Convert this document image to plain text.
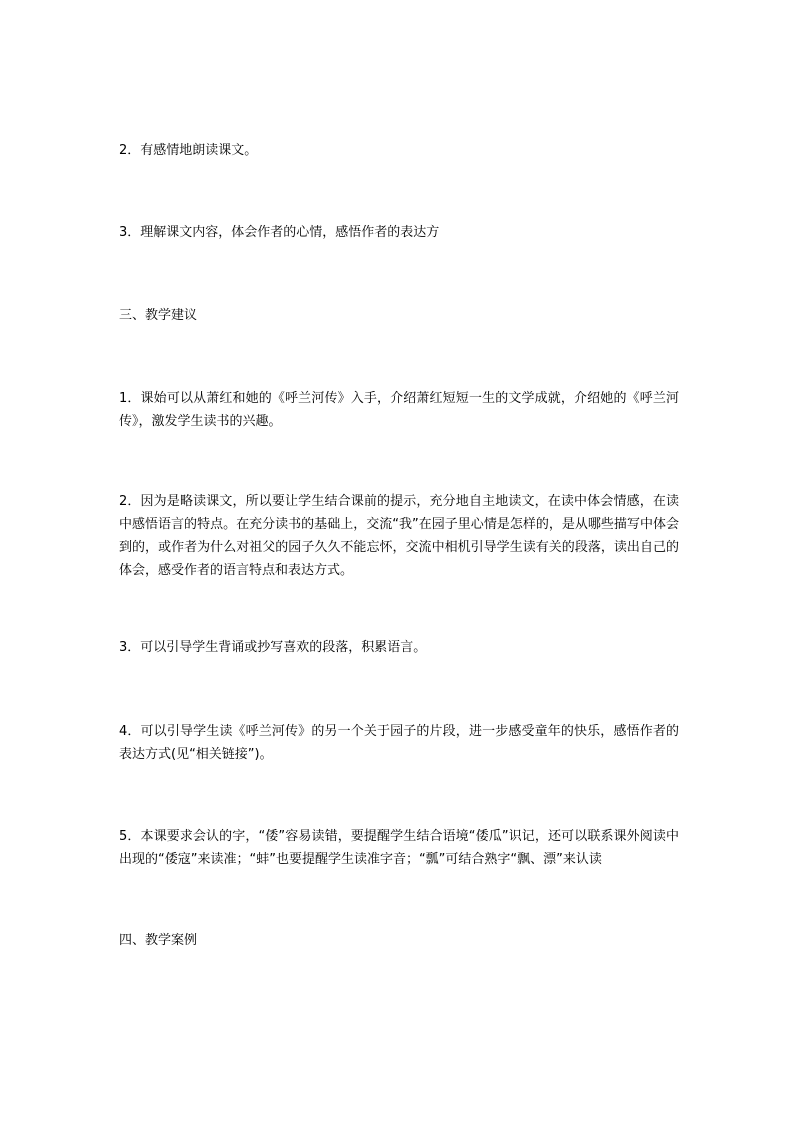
2．有感情地朗读课文。

3．理解课文内容，体会作者的心情，感悟作者的表达方

三、教学建议

1．课始可以从萧红和她的《呼兰河传》入手，介绍萧红短短一生的文学成就，介绍她的《呼兰河传》，激发学生读书的兴趣。

2．因为是略读课文，所以要让学生结合课前的提示，充分地自主地读文，在读中体会情感，在读中感悟语言的特点。在充分读书的基础上，交流“我”在园子里心情是怎样的，是从哪些描写中体会到的，或作者为什么对祖父的园子久久不能忘怀，交流中相机引导学生读有关的段落，读出自己的体会，感受作者的语言特点和表达方式。

3．可以引导学生背诵或抄写喜欢的段落，积累语言。

4．可以引导学生读《呼兰河传》的另一个关于园子的片段，进一步感受童年的快乐，感悟作者的表达方式(见“相关链接”)。

5．本课要求会认的字，“倭”容易读错，要提醒学生结合语境“倭瓜”识记，还可以联系课外阅读中出现的“倭寇”来读准；“蚌”也要提醒学生读准字音；“瓢”可结合熟字“飘、漂”来认读

四、教学案例
